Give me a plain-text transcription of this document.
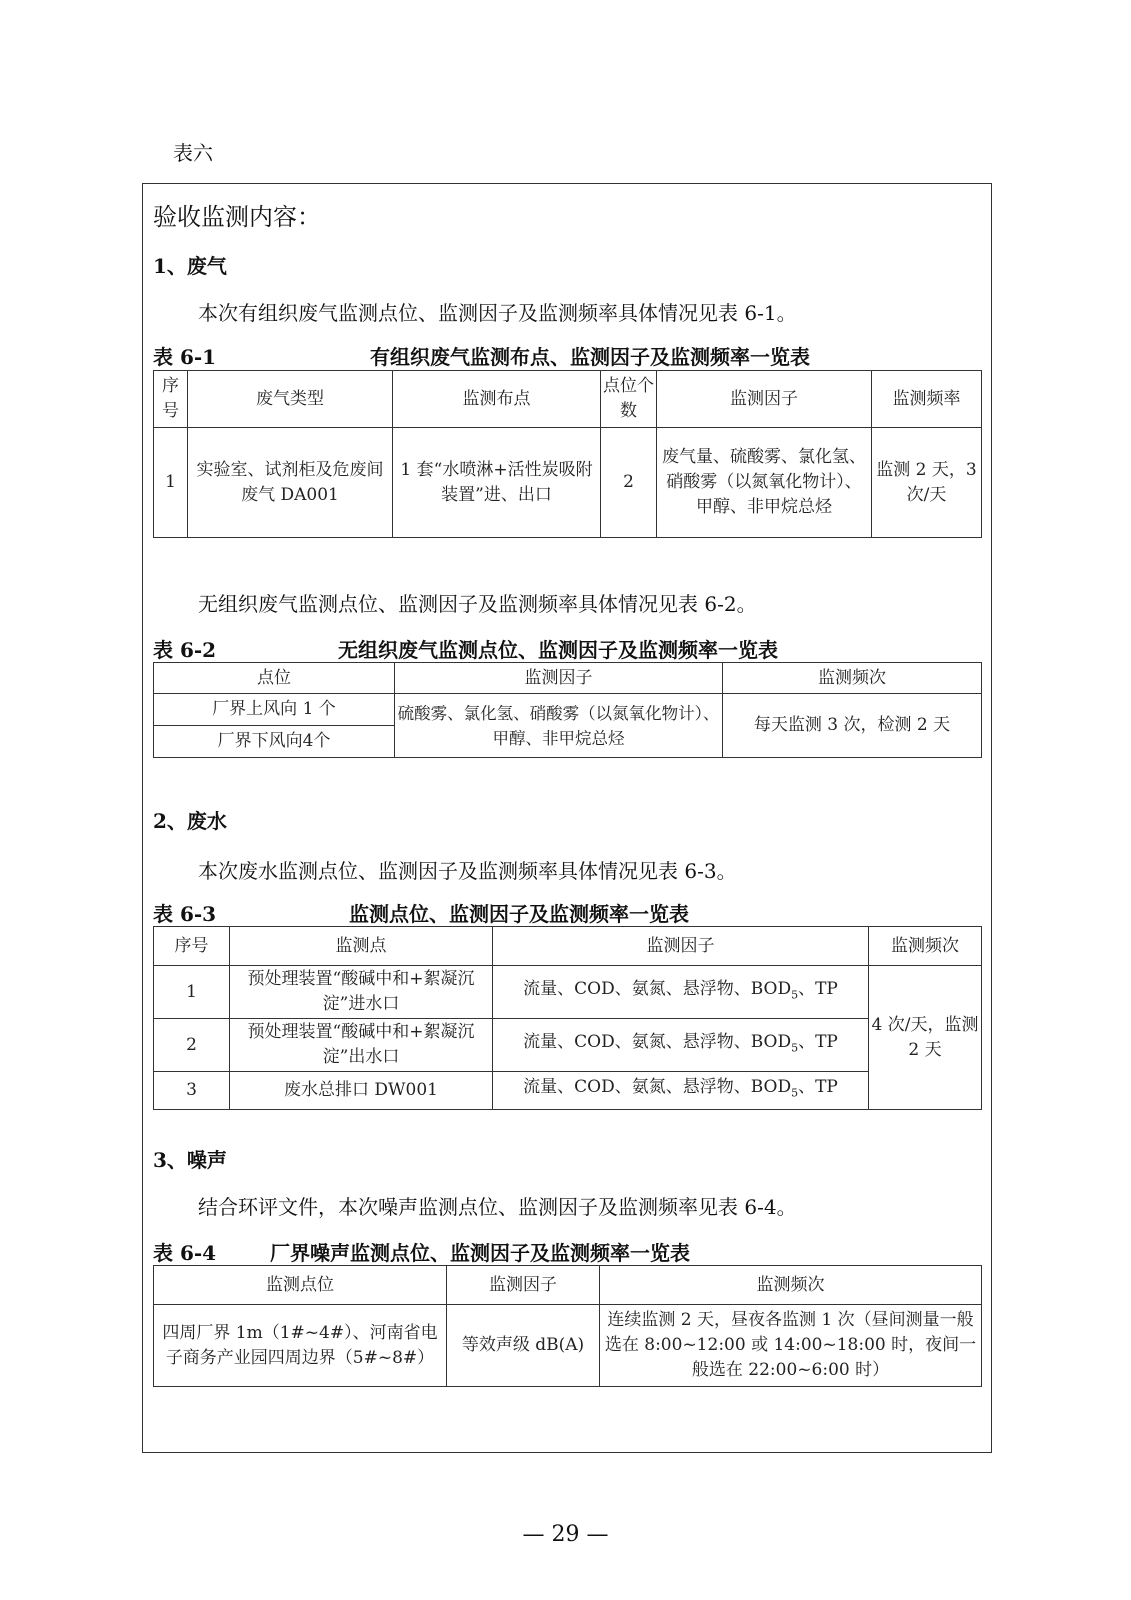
表六
验收监测内容：
1、废气
本次有组织废气监测点位、监测因子及监测频率具体情况见表 6-1。
表 6-1	有组织废气监测布点、监测因子及监测频率一览表
序号	废气类型	监测布点	点位个数	监测因子	监测频率
1	实验室、试剂柜及危废间废气 DA001	1 套“水喷淋+活性炭吸附装置”进、出口	2	废气量、硫酸雾、氯化氢、硝酸雾（以氮氧化物计）、甲醇、非甲烷总烃	监测 2 天，3 次/天
无组织废气监测点位、监测因子及监测频率具体情况见表 6-2。
表 6-2	无组织废气监测点位、监测因子及监测频率一览表
点位	监测因子	监测频次
厂界上风向 1 个	硫酸雾、氯化氢、硝酸雾（以氮氧化物计）、甲醇、非甲烷总烃	每天监测 3 次，检测 2 天
厂界下风向4个		
2、废水
本次废水监测点位、监测因子及监测频率具体情况见表 6-3。
表 6-3	监测点位、监测因子及监测频率一览表
序号	监测点	监测因子	监测频次
1	预处理装置“酸碱中和+絮凝沉淀”进水口	流量、COD、氨氮、悬浮物、$BOD_5$、TP	4 次/天，监测 2 天
2	预处理装置“酸碱中和+絮凝沉淀”出水口	流量、COD、氨氮、悬浮物、$BOD_5$、TP	
3	废水总排口 DW001	流量、COD、氨氮、悬浮物、$BOD_5$、TP	
3、噪声
结合环评文件，本次噪声监测点位、监测因子及监测频率见表 6-4。
表 6-4	厂界噪声监测点位、监测因子及监测频率一览表
监测点位	监测因子	监测频次
四周厂界 1m（1#~4#）、河南省电子商务产业园四周边界（5#~8#）	等效声级 dB(A)	连续监测 2 天，昼夜各监测 1 次（昼间测量一般选在 8:00~12:00 或 14:00~18:00 时，夜间一般选在 22:00~6:00 时）
— 29 —
